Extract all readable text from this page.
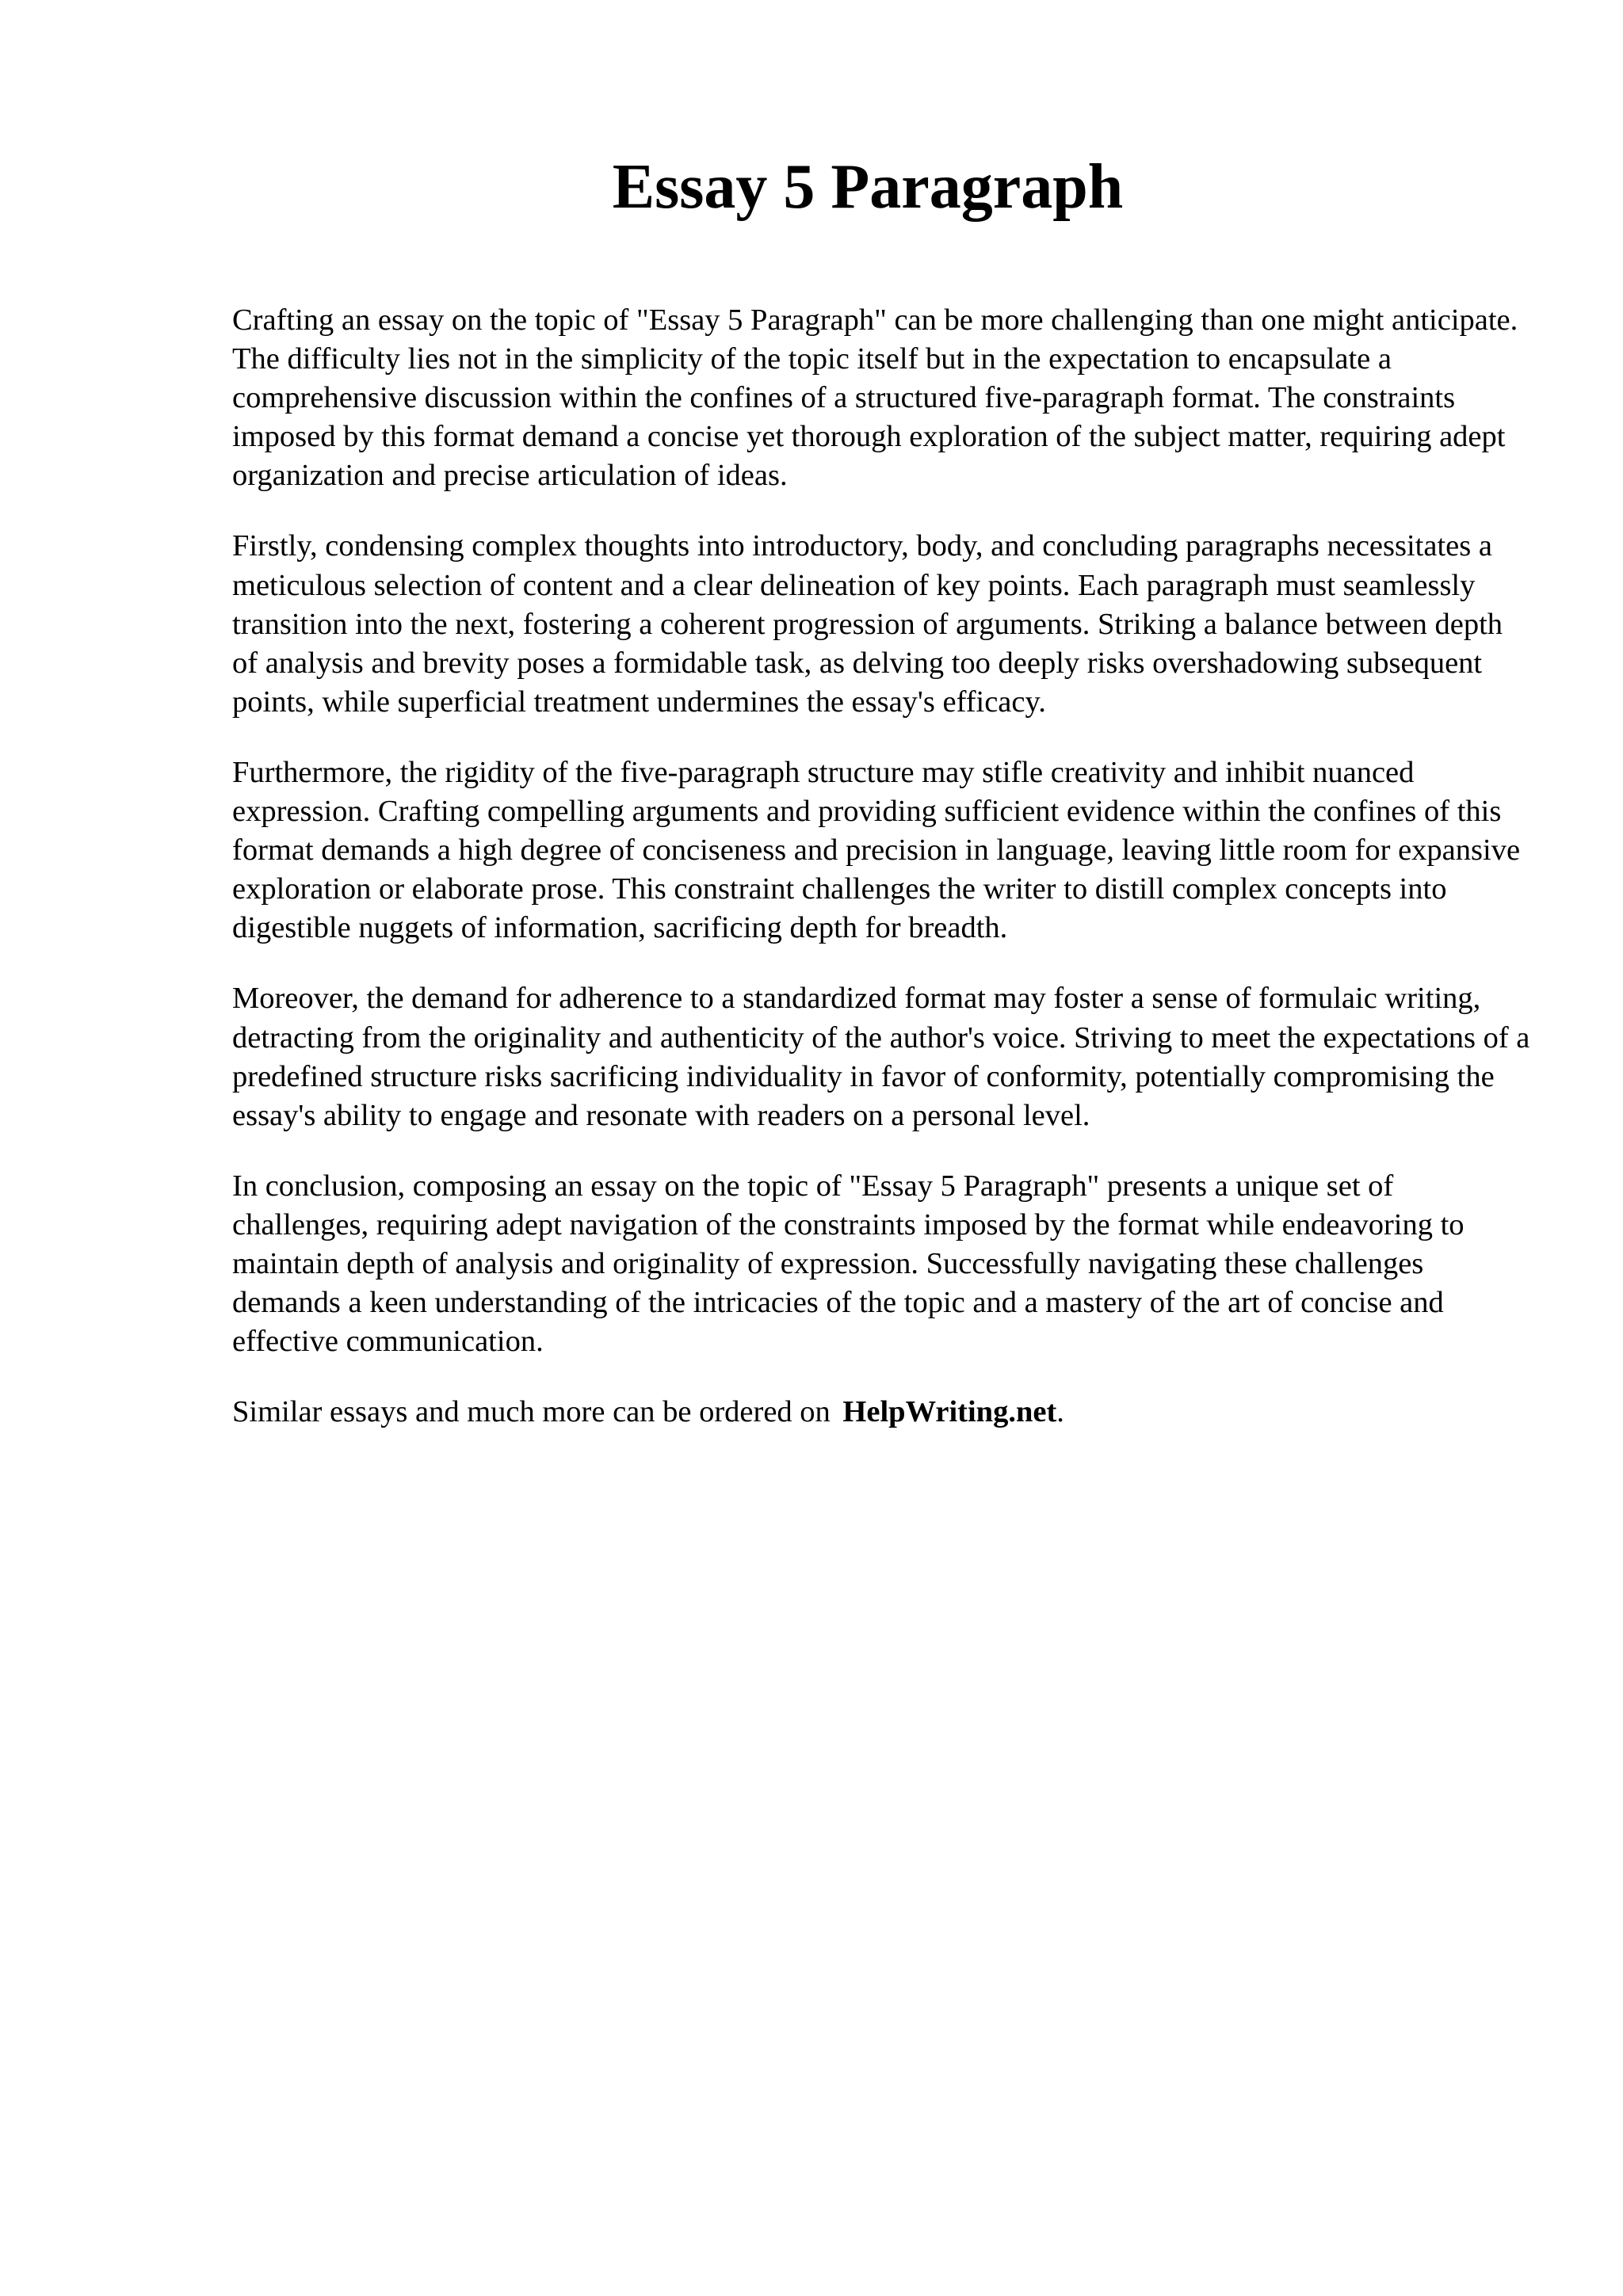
Essay 5 Paragraph

Crafting an essay on the topic of "Essay 5 Paragraph" can be more challenging than one might anticipate. The difficulty lies not in the simplicity of the topic itself but in the expectation to encapsulate a comprehensive discussion within the confines of a structured five-paragraph format. The constraints imposed by this format demand a concise yet thorough exploration of the subject matter, requiring adept organization and precise articulation of ideas.

Firstly, condensing complex thoughts into introductory, body, and concluding paragraphs necessitates a meticulous selection of content and a clear delineation of key points. Each paragraph must seamlessly transition into the next, fostering a coherent progression of arguments. Striking a balance between depth of analysis and brevity poses a formidable task, as delving too deeply risks overshadowing subsequent points, while superficial treatment undermines the essay's efficacy.

Furthermore, the rigidity of the five-paragraph structure may stifle creativity and inhibit nuanced expression. Crafting compelling arguments and providing sufficient evidence within the confines of this format demands a high degree of conciseness and precision in language, leaving little room for expansive exploration or elaborate prose. This constraint challenges the writer to distill complex concepts into digestible nuggets of information, sacrificing depth for breadth.

Moreover, the demand for adherence to a standardized format may foster a sense of formulaic writing, detracting from the originality and authenticity of the author's voice. Striving to meet the expectations of a predefined structure risks sacrificing individuality in favor of conformity, potentially compromising the essay's ability to engage and resonate with readers on a personal level.

In conclusion, composing an essay on the topic of "Essay 5 Paragraph" presents a unique set of challenges, requiring adept navigation of the constraints imposed by the format while endeavoring to maintain depth of analysis and originality of expression. Successfully navigating these challenges demands a keen understanding of the intricacies of the topic and a mastery of the art of concise and effective communication.

Similar essays and much more can be ordered on HelpWriting.net.
